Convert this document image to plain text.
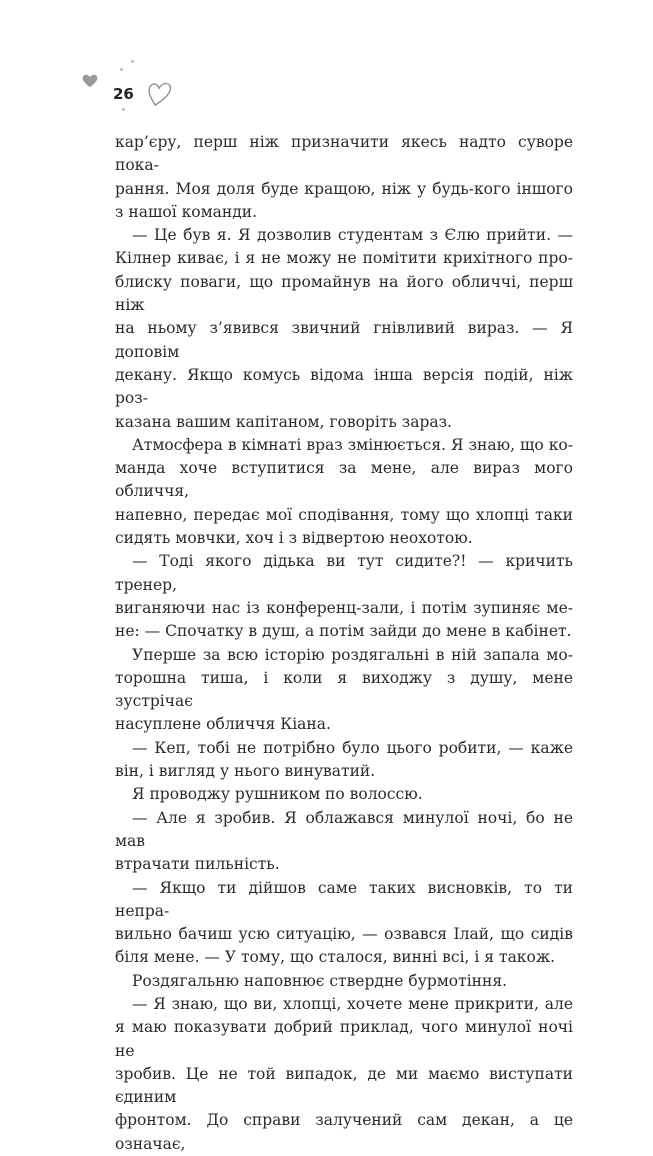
26

кар’єру, перш ніж призначити якесь надто суворе пока-

рання. Моя доля буде кращою, ніж у будь-кого іншого

з нашої команди.

— Це був я. Я дозволив студентам з Єлю прийти. —

Кілнер киває, і я не можу не помітити крихітного про-

блиску поваги, що промайнув на його обличчі, перш ніж

на ньому з’явився звичний гнівливий вираз. — Я доповім

декану. Якщо комусь відома інша версія подій, ніж роз-

казана вашим капітаном, говоріть зараз.

Атмосфера в кімнаті враз змінюється. Я знаю, що ко-

манда хоче вступитися за мене, але вираз мого обличчя,

напевно, передає мої сподівання, тому що хлопці таки

сидять мовчки, хоч і з відвертою неохотою.

— Тоді якого дідька ви тут сидите?! — кричить тренер,

виганяючи нас із конференц-зали, і потім зупиняє ме-

не: — Спочатку в душ, а потім зайди до мене в кабінет.

Уперше за всю історію роздягальні в ній запала мо-

торошна тиша, і коли я виходжу з душу, мене зустрічає

насуплене обличчя Кіана.

— Кеп, тобі не потрібно було цього робити, — каже

він, і вигляд у нього винуватий.

Я проводжу рушником по волоссю.

— Але я зробив. Я облажався минулої ночі, бо не мав

втрачати пильність.

— Якщо ти дійшов саме таких висновків, то ти непра-

вильно бачиш усю ситуацію, — озвався Ілай, що сидів

біля мене. — У тому, що сталося, винні всі, і я також.

Роздягальню наповнює ствердне бурмотіння.

— Я знаю, що ви, хлопці, хочете мене прикрити, але

я маю показувати добрий приклад, чого минулої ночі не

зробив. Це не той випадок, де ми маємо виступати єдиним

фронтом. До справи залучений сам декан, а це означає,
